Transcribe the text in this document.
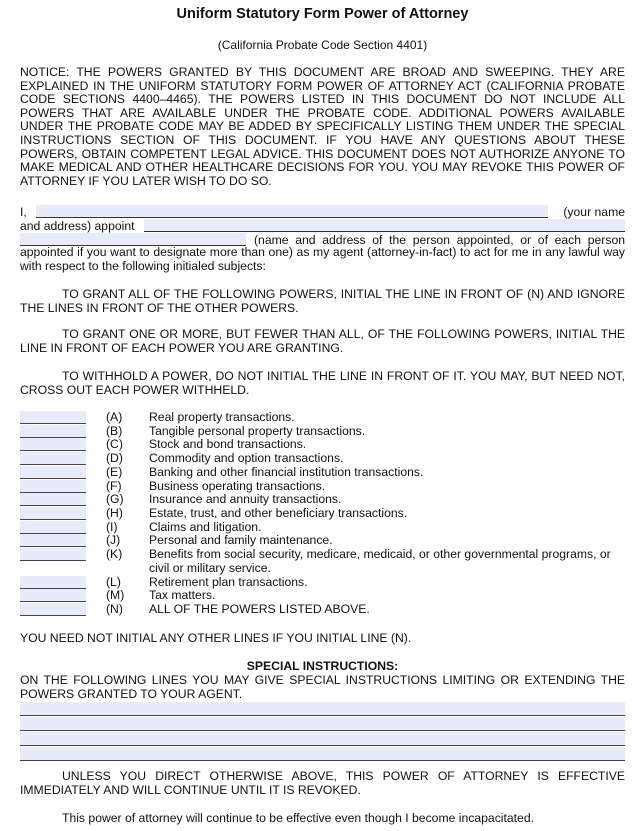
Uniform Statutory Form Power of Attorney
(California Probate Code Section 4401)
NOTICE: THE POWERS GRANTED BY THIS DOCUMENT ARE BROAD AND SWEEPING. THEY ARE EXPLAINED IN THE UNIFORM STATUTORY FORM POWER OF ATTORNEY ACT (CALIFORNIA PROBATE CODE SECTIONS 4400–4465). THE POWERS LISTED IN THIS DOCUMENT DO NOT INCLUDE ALL POWERS THAT ARE AVAILABLE UNDER THE PROBATE CODE. ADDITIONAL POWERS AVAILABLE UNDER THE PROBATE CODE MAY BE ADDED BY SPECIFICALLY LISTING THEM UNDER THE SPECIAL INSTRUCTIONS SECTION OF THIS DOCUMENT. IF YOU HAVE ANY QUESTIONS ABOUT THESE POWERS, OBTAIN COMPETENT LEGAL ADVICE. THIS DOCUMENT DOES NOT AUTHORIZE ANYONE TO MAKE MEDICAL AND OTHER HEALTHCARE DECISIONS FOR YOU. YOU MAY REVOKE THIS POWER OF ATTORNEY IF YOU LATER WISH TO DO SO.
I,	(your name
and address) appoint
(name and address of the person appointed, or of each person
appointed if you want to designate more than one) as my agent (attorney-in-fact) to act for me in any lawful way with respect to the following initialed subjects:
TO GRANT ALL OF THE FOLLOWING POWERS, INITIAL THE LINE IN FRONT OF (N) AND IGNORE THE LINES IN FRONT OF THE OTHER POWERS.
TO GRANT ONE OR MORE, BUT FEWER THAN ALL, OF THE FOLLOWING POWERS, INITIAL THE LINE IN FRONT OF EACH POWER YOU ARE GRANTING.
TO WITHHOLD A POWER, DO NOT INITIAL THE LINE IN FRONT OF IT. YOU MAY, BUT NEED NOT, CROSS OUT EACH POWER WITHHELD.
(A) Real property transactions.
(B) Tangible personal property transactions.
(C) Stock and bond transactions.
(D) Commodity and option transactions.
(E) Banking and other financial institution transactions.
(F) Business operating transactions.
(G) Insurance and annuity transactions.
(H) Estate, trust, and other beneficiary transactions.
(I)	Claims and litigation.
(J) Personal and family maintenance.
(K) Benefits from social security, medicare, medicaid, or other governmental programs, or
civil or military service.
(L) Retirement plan transactions.
(M) Tax matters.
(N) ALL OF THE POWERS LISTED ABOVE.
YOU NEED NOT INITIAL ANY OTHER LINES IF YOU INITIAL LINE (N).
SPECIAL INSTRUCTIONS:
ON THE FOLLOWING LINES YOU MAY GIVE SPECIAL INSTRUCTIONS LIMITING OR EXTENDING THE POWERS GRANTED TO YOUR AGENT.
UNLESS YOU DIRECT OTHERWISE ABOVE, THIS POWER OF ATTORNEY IS EFFECTIVE IMMEDIATELY AND WILL CONTINUE UNTIL IT IS REVOKED.
This power of attorney will continue to be effective even though I become incapacitated.
